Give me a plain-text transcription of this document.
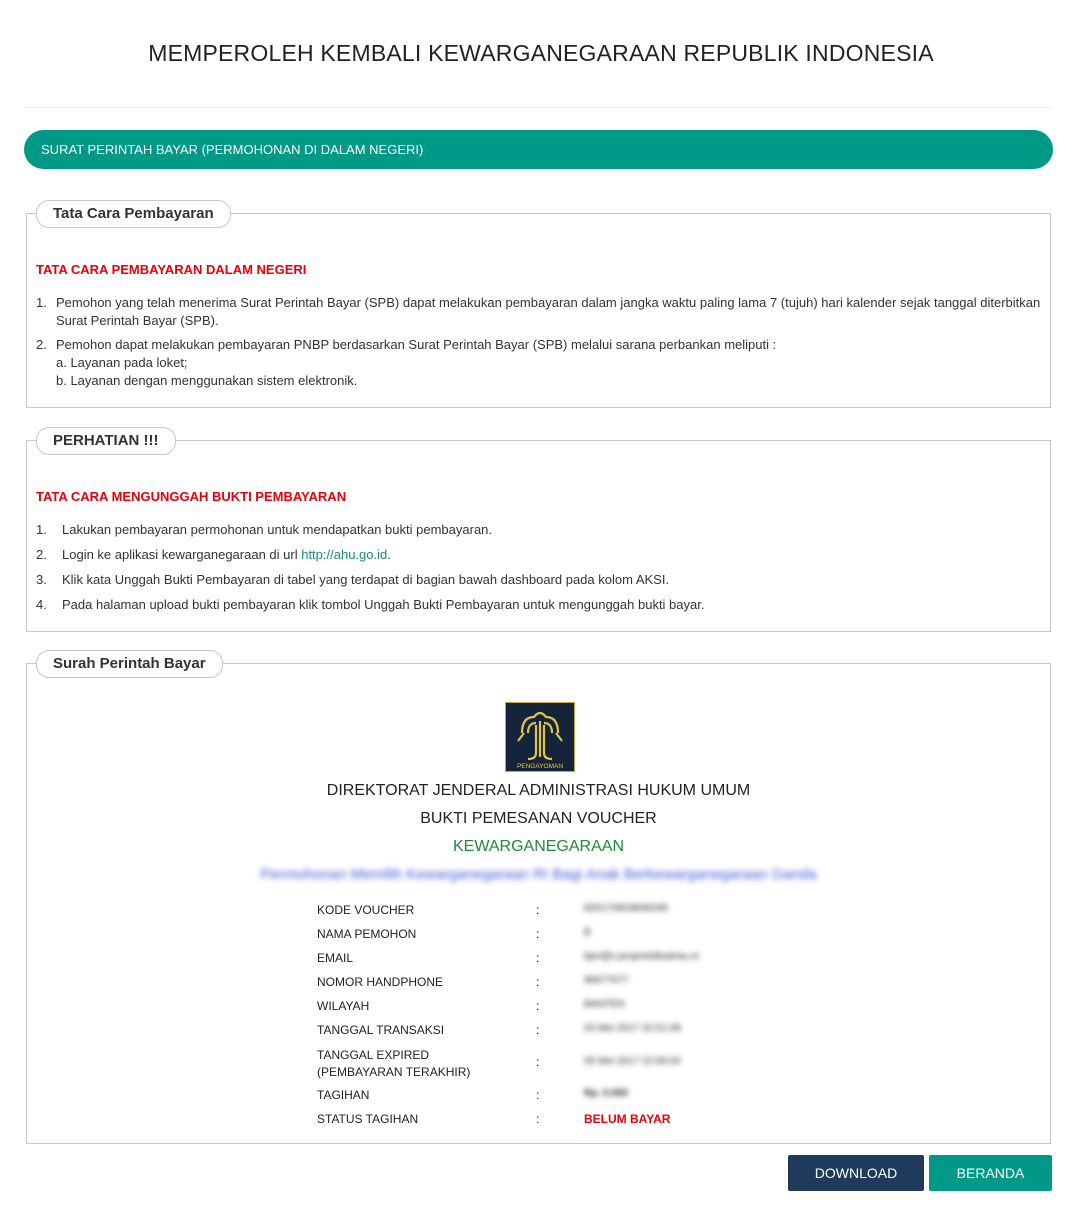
MEMPEROLEH KEMBALI KEWARGANEGARAAN REPUBLIK INDONESIA
SURAT PERINTAH BAYAR (PERMOHONAN DI DALAM NEGERI)
Tata Cara Pembayaran
TATA CARA PEMBAYARAN DALAM NEGERI
1. Pemohon yang telah menerima Surat Perintah Bayar (SPB) dapat melakukan pembayaran dalam jangka waktu paling lama 7 (tujuh) hari kalender sejak tanggal diterbitkan Surat Perintah Bayar (SPB).
2. Pemohon dapat melakukan pembayaran PNBP berdasarkan Surat Perintah Bayar (SPB) melalui sarana perbankan meliputi :
a. Layanan pada loket;
b. Layanan dengan menggunakan sistem elektronik.
PERHATIAN !!!
TATA CARA MENGUNGGAH BUKTI PEMBAYARAN
1. Lakukan pembayaran permohonan untuk mendapatkan bukti pembayaran.
2. Login ke aplikasi kewarganegaraan di url http://ahu.go.id.
3. Klik kata Unggah Bukti Pembayaran di tabel yang terdapat di bagian bawah dashboard pada kolom AKSI.
4. Pada halaman upload bukti pembayaran klik tombol Unggah Bukti Pembayaran untuk mengunggah bukti bayar.
Surah Perintah Bayar
PENGAYOMAN
DIREKTORAT JENDERAL ADMINISTRASI HUKUM UMUM
BUKTI PEMESANAN VOUCHER
KEWARGANEGARAAN
Permohonan Memilih Kewarganegaraan RI Bagi Anak Berkewarganegaraan Ganda
KODE VOUCHER	:	820170503849248
NAMA PEMOHON	:	B
EMAIL	:	bjer@s.proprietdisatrau.m
NOMOR HANDPHONE	:	96677677
WILAYAH	:	BANTEN
TANGGAL TRANSAKSI	:	03 Mei 2017 22:51:08
TANGGAL EXPIRED
(PEMBAYARAN TERAKHIR)
:	05 Mei 2017 22:59:04
TAGIHAN	:	Rp. 5.000
STATUS TAGIHAN	:	BELUM BAYAR
DOWNLOAD	BERANDA
